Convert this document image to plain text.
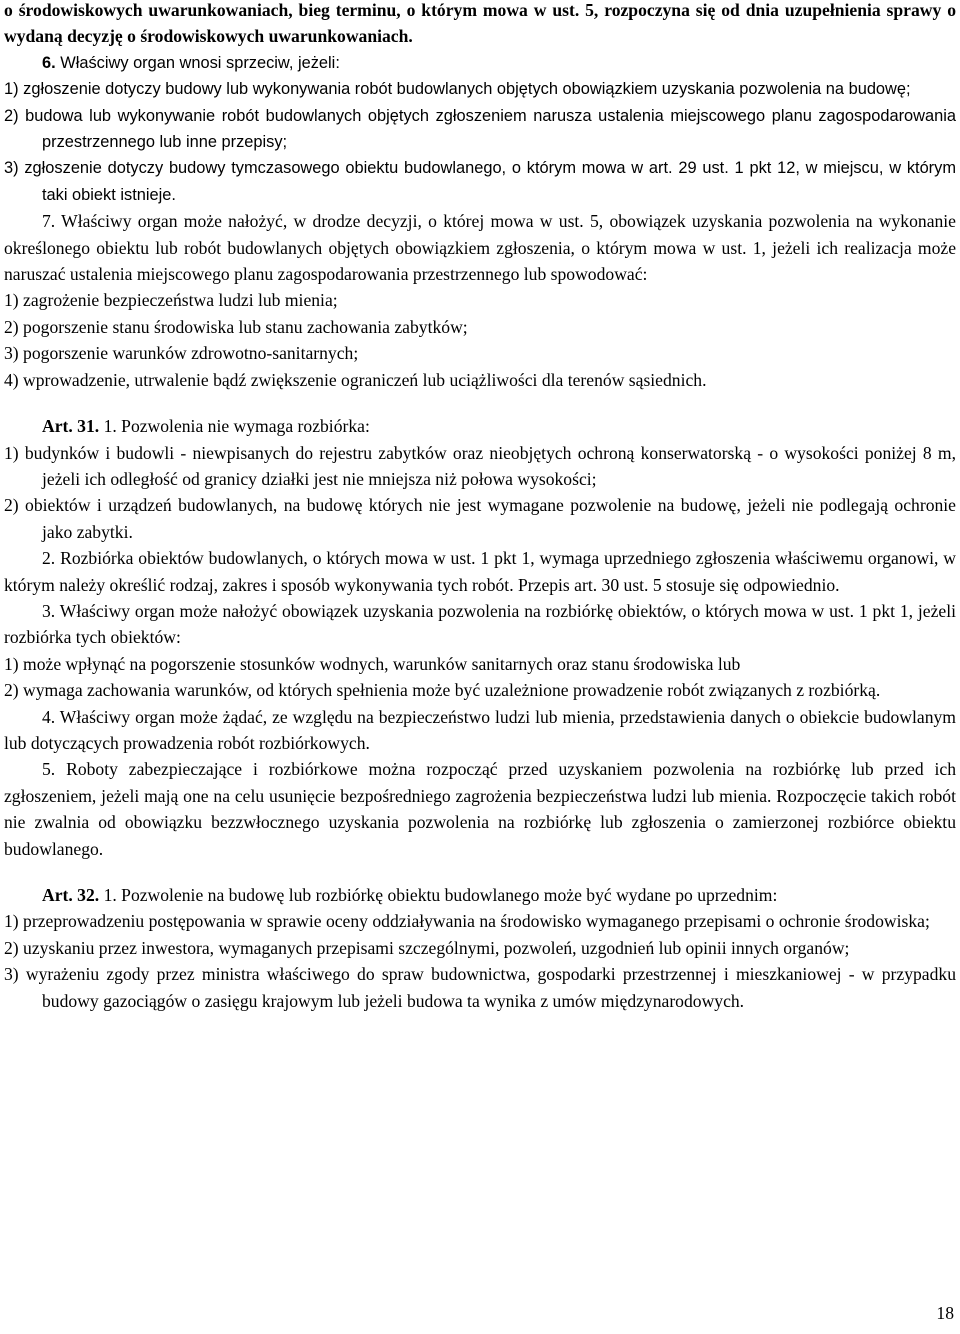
o środowiskowych uwarunkowaniach, bieg terminu, o którym mowa w ust. 5, rozpoczyna się od dnia uzupełnienia sprawy o wydaną decyzję o środowiskowych uwarunkowaniach.

6. Właściwy organ wnosi sprzeciw, jeżeli:

1) zgłoszenie dotyczy budowy lub wykonywania robót budowlanych objętych obowiązkiem uzyskania pozwolenia na budowę;

2) budowa lub wykonywanie robót budowlanych objętych zgłoszeniem narusza ustalenia miejscowego planu zagospodarowania przestrzennego lub inne przepisy;

3) zgłoszenie dotyczy budowy tymczasowego obiektu budowlanego, o którym mowa w art. 29 ust. 1 pkt 12, w miejscu, w którym taki obiekt istnieje.

7. Właściwy organ może nałożyć, w drodze decyzji, o której mowa w ust. 5, obowiązek uzyskania pozwolenia na wykonanie określonego obiektu lub robót budowlanych objętych obowiązkiem zgłoszenia, o którym mowa w ust. 1, jeżeli ich realizacja może naruszać ustalenia miejscowego planu zagospodarowania przestrzennego lub spowodować:

1) zagrożenie bezpieczeństwa ludzi lub mienia;

2) pogorszenie stanu środowiska lub stanu zachowania zabytków;

3) pogorszenie warunków zdrowotno-sanitarnych;

4) wprowadzenie, utrwalenie bądź zwiększenie ograniczeń lub uciążliwości dla terenów sąsiednich.

Art. 31. 1. Pozwolenia nie wymaga rozbiórka:

1) budynków i budowli - niewpisanych do rejestru zabytków oraz nieobjętych ochroną konserwatorską - o wysokości poniżej 8 m, jeżeli ich odległość od granicy działki jest nie mniejsza niż połowa wysokości;

2) obiektów i urządzeń budowlanych, na budowę których nie jest wymagane pozwolenie na budowę, jeżeli nie podlegają ochronie jako zabytki.

2. Rozbiórka obiektów budowlanych, o których mowa w ust. 1 pkt 1, wymaga uprzedniego zgłoszenia właściwemu organowi, w którym należy określić rodzaj, zakres i sposób wykonywania tych robót. Przepis art. 30 ust. 5 stosuje się odpowiednio.

3. Właściwy organ może nałożyć obowiązek uzyskania pozwolenia na rozbiórkę obiektów, o których mowa w ust. 1 pkt 1, jeżeli rozbiórka tych obiektów:

1) może wpłynąć na pogorszenie stosunków wodnych, warunków sanitarnych oraz stanu środowiska lub

2) wymaga zachowania warunków, od których spełnienia może być uzależnione prowadzenie robót związanych z rozbiórką.

4. Właściwy organ może żądać, ze względu na bezpieczeństwo ludzi lub mienia, przedstawienia danych o obiekcie budowlanym lub dotyczących prowadzenia robót rozbiórkowych.

5. Roboty zabezpieczające i rozbiórkowe można rozpocząć przed uzyskaniem pozwolenia na rozbiórkę lub przed ich zgłoszeniem, jeżeli mają one na celu usunięcie bezpośredniego zagrożenia bezpieczeństwa ludzi lub mienia. Rozpoczęcie takich robót nie zwalnia od obowiązku bezzwłocznego uzyskania pozwolenia na rozbiórkę lub zgłoszenia o zamierzonej rozbiórce obiektu budowlanego.

Art. 32. 1. Pozwolenie na budowę lub rozbiórkę obiektu budowlanego może być wydane po uprzednim:

1) przeprowadzeniu postępowania w sprawie oceny oddziaływania na środowisko wymaganego przepisami o ochronie środowiska;

2) uzyskaniu przez inwestora, wymaganych przepisami szczególnymi, pozwoleń, uzgodnień lub opinii innych organów;

3) wyrażeniu zgody przez ministra właściwego do spraw budownictwa, gospodarki przestrzennej i mieszkaniowej - w przypadku budowy gazociągów o zasięgu krajowym lub jeżeli budowa ta wynika z umów międzynarodowych.

18
